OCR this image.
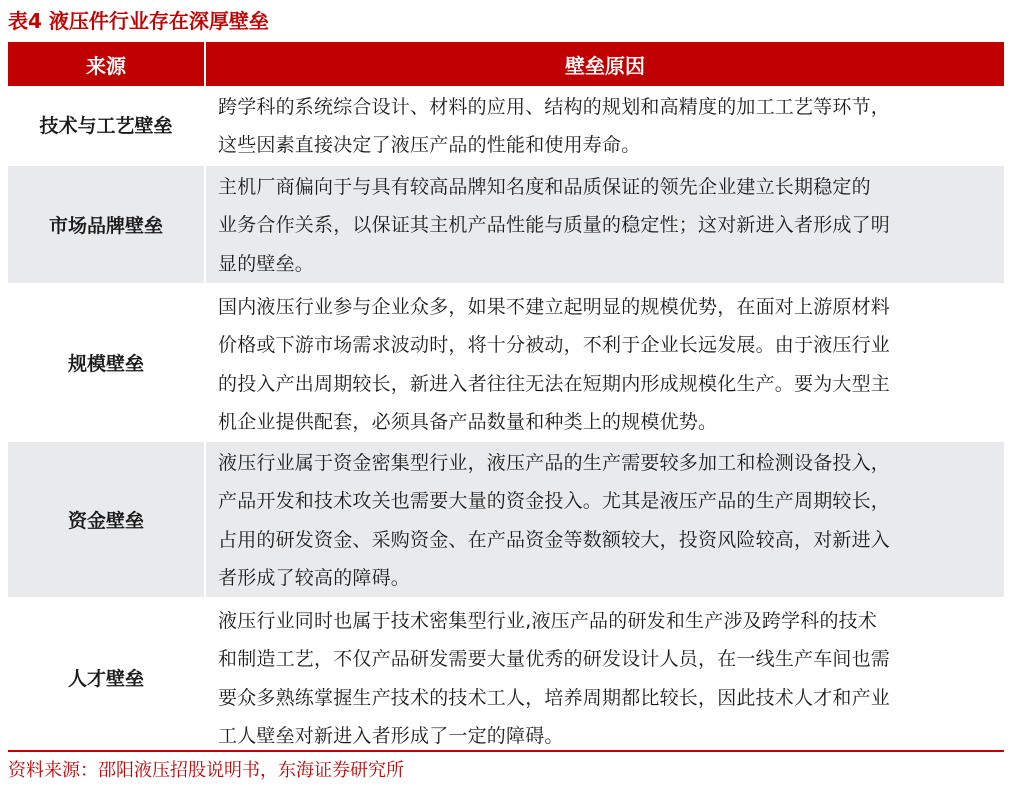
表4 液压件行业存在深厚壁垒
来源	壁垒原因
技术与工艺壁垒
跨学科的系统综合设计、材料的应用、结构的规划和高精度的加工工艺等环节，
这些因素直接决定了液压产品的性能和使用寿命。
市场品牌壁垒
主机厂商偏向于与具有较高品牌知名度和品质保证的领先企业建立长期稳定的
业务合作关系，以保证其主机产品性能与质量的稳定性；这对新进入者形成了明
显的壁垒。
规模壁垒
国内液压行业参与企业众多，如果不建立起明显的规模优势，在面对上游原材料
价格或下游市场需求波动时，将十分被动，不利于企业长远发展。由于液压行业
的投入产出周期较长，新进入者往往无法在短期内形成规模化生产。要为大型主
机企业提供配套，必须具备产品数量和种类上的规模优势。
资金壁垒
液压行业属于资金密集型行业，液压产品的生产需要较多加工和检测设备投入，
产品开发和技术攻关也需要大量的资金投入。尤其是液压产品的生产周期较长，
占用的研发资金、采购资金、在产品资金等数额较大，投资风险较高，对新进入
者形成了较高的障碍。
人才壁垒
液压行业同时也属于技术密集型行业,液压产品的研发和生产涉及跨学科的技术
和制造工艺，不仅产品研发需要大量优秀的研发设计人员，在一线生产车间也需
要众多熟练掌握生产技术的技术工人，培养周期都比较长，因此技术人才和产业
工人壁垒对新进入者形成了一定的障碍。
资料来源：邵阳液压招股说明书，东海证券研究所
